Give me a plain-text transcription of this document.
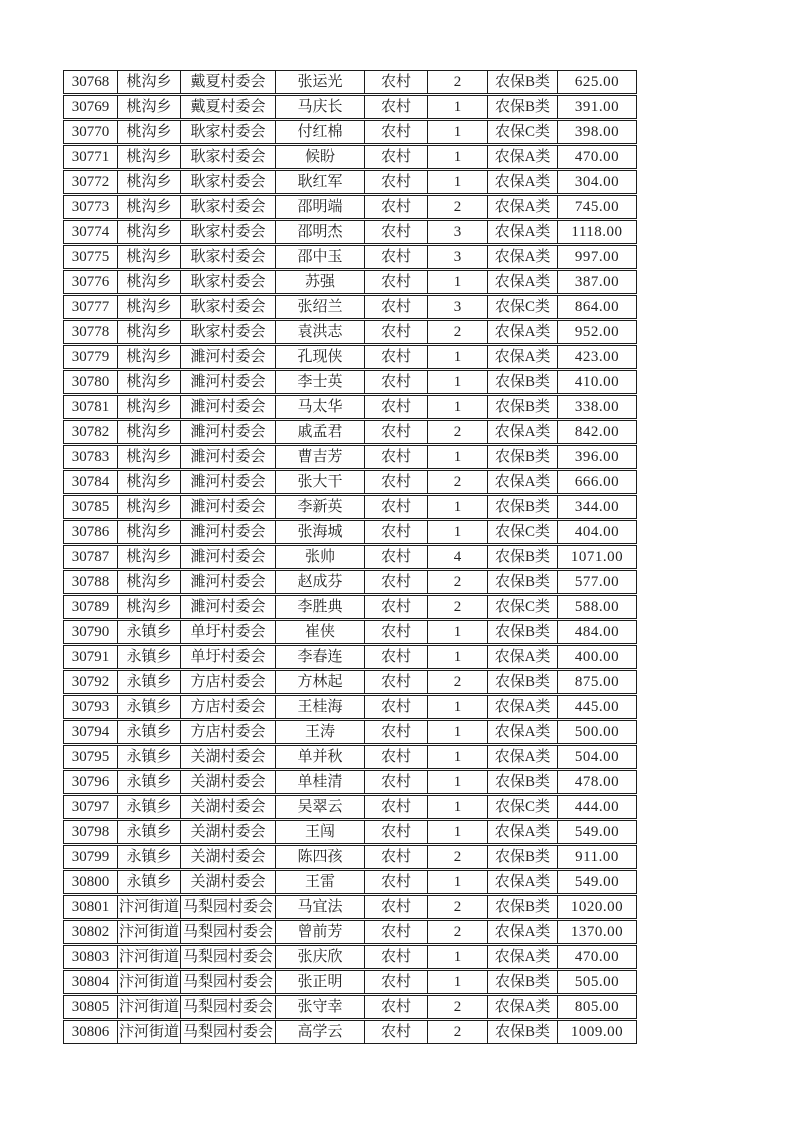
30768	桃沟乡	戴夏村委会	张运光	农村	2	农保B类	625.00
30769	桃沟乡	戴夏村委会	马庆长	农村	1	农保B类	391.00
30770	桃沟乡	耿家村委会	付红棉	农村	1	农保C类	398.00
30771	桃沟乡	耿家村委会	候盼	农村	1	农保A类	470.00
30772	桃沟乡	耿家村委会	耿红军	农村	1	农保A类	304.00
30773	桃沟乡	耿家村委会	邵明端	农村	2	农保A类	745.00
30774	桃沟乡	耿家村委会	邵明杰	农村	3	农保A类	1118.00
30775	桃沟乡	耿家村委会	邵中玉	农村	3	农保A类	997.00
30776	桃沟乡	耿家村委会	苏强	农村	1	农保A类	387.00
30777	桃沟乡	耿家村委会	张绍兰	农村	3	农保C类	864.00
30778	桃沟乡	耿家村委会	袁洪志	农村	2	农保A类	952.00
30779	桃沟乡	濉河村委会	孔现侠	农村	1	农保A类	423.00
30780	桃沟乡	濉河村委会	李士英	农村	1	农保B类	410.00
30781	桃沟乡	濉河村委会	马太华	农村	1	农保B类	338.00
30782	桃沟乡	濉河村委会	戚孟君	农村	2	农保A类	842.00
30783	桃沟乡	濉河村委会	曹吉芳	农村	1	农保B类	396.00
30784	桃沟乡	濉河村委会	张大干	农村	2	农保A类	666.00
30785	桃沟乡	濉河村委会	李新英	农村	1	农保B类	344.00
30786	桃沟乡	濉河村委会	张海城	农村	1	农保C类	404.00
30787	桃沟乡	濉河村委会	张帅	农村	4	农保B类	1071.00
30788	桃沟乡	濉河村委会	赵成芬	农村	2	农保B类	577.00
30789	桃沟乡	濉河村委会	李胜典	农村	2	农保C类	588.00
30790	永镇乡	单圩村委会	崔侠	农村	1	农保B类	484.00
30791	永镇乡	单圩村委会	李春连	农村	1	农保A类	400.00
30792	永镇乡	方店村委会	方林起	农村	2	农保B类	875.00
30793	永镇乡	方店村委会	王桂海	农村	1	农保A类	445.00
30794	永镇乡	方店村委会	王涛	农村	1	农保A类	500.00
30795	永镇乡	关湖村委会	单并秋	农村	1	农保A类	504.00
30796	永镇乡	关湖村委会	单桂清	农村	1	农保B类	478.00
30797	永镇乡	关湖村委会	吴翠云	农村	1	农保C类	444.00
30798	永镇乡	关湖村委会	王闯	农村	1	农保A类	549.00
30799	永镇乡	关湖村委会	陈四孩	农村	2	农保B类	911.00
30800	永镇乡	关湖村委会	王雷	农村	1	农保A类	549.00
30801 汴河街道 马梨园村委会	马宜法	农村	2	农保B类	1020.00
30802 汴河街道 马梨园村委会	曾前芳	农村	2	农保A类	1370.00
30803 汴河街道 马梨园村委会	张庆欣	农村	1	农保A类	470.00
30804 汴河街道 马梨园村委会	张正明	农村	1	农保B类	505.00
30805 汴河街道 马梨园村委会	张守幸	农村	2	农保A类	805.00
30806 汴河街道 马梨园村委会	高学云	农村	2	农保B类	1009.00
